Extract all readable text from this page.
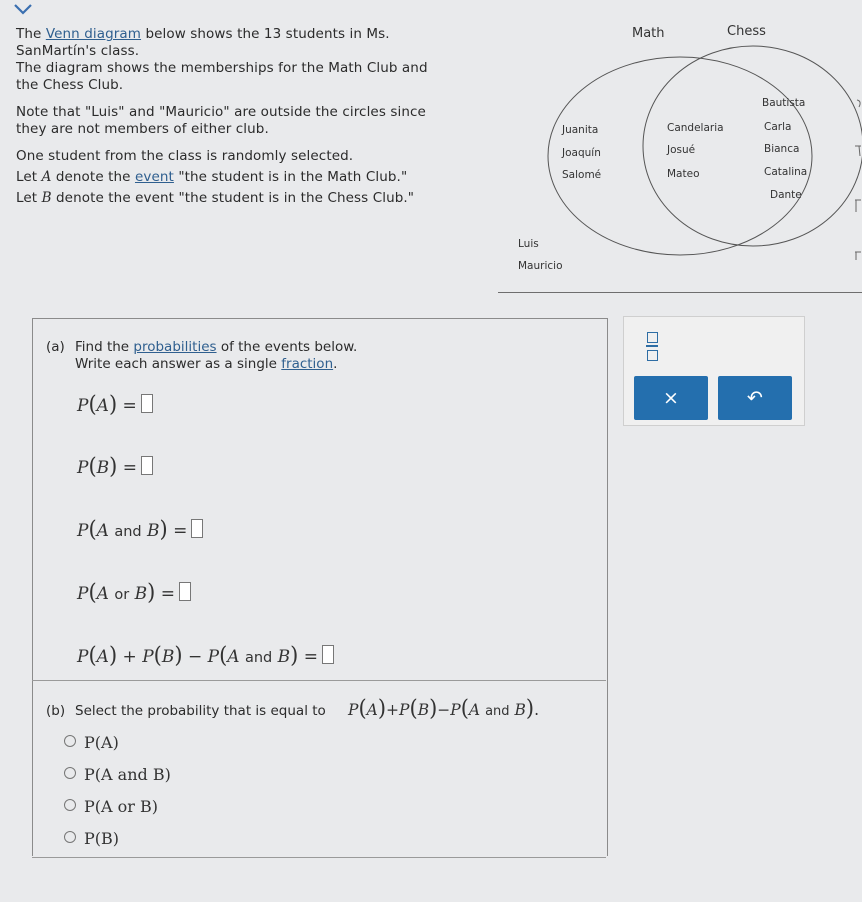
The Venn diagram below shows the 13 students in Ms.
SanMartín's class.
The diagram shows the memberships for the Math Club and the Chess Club.

Note that "Luis" and "Mauricio" are outside the circles since they are not members of either club.

One student from the class is randomly selected.

Let A denote the event "the student is in the Math Club."

Let B denote the event "the student is in the Chess Club."

Math	Chess
Juanita
Joaquín
Salomé
Candelaria
Josué
Mateo
Bautista
Carla
Bianca
Catalina
Dante
Luis
Mauricio
(a) Find the probabilities of the events below.
Write each answer as a single fraction.
P(A) =
P(B) =
P(A and B) =
P(A or B) =
P(A) + P(B) − P(A and B) =
(b) Select the probability that is equal to P(A)+P(B)−P(A and B).
P(A)
P(A and B)
P(A or B)
P(B)
×	↶
